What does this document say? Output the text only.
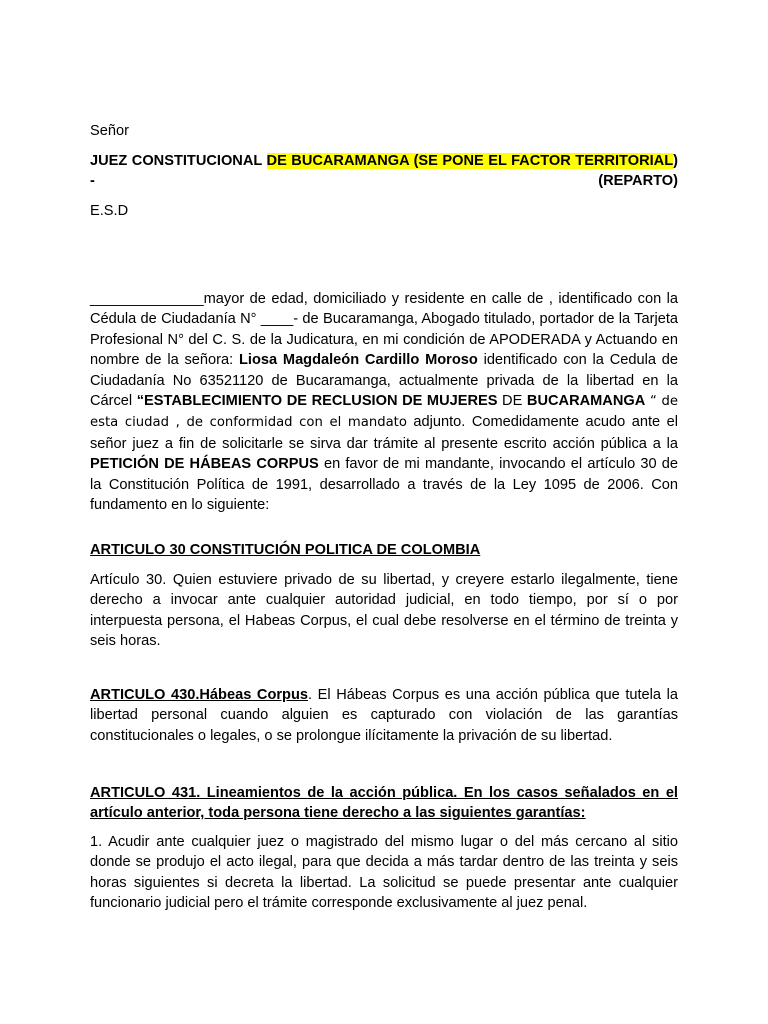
Señor

JUEZ CONSTITUCIONAL DE BUCARAMANGA (SE PONE EL FACTOR TERRITORIAL) - (REPARTO)

E.S.D

______________mayor de edad, domiciliado y residente en calle de , identificado con la Cédula de Ciudadanía N° ____- de Bucaramanga, Abogado titulado, portador de la Tarjeta Profesional N° del C. S. de la Judicatura, en mi condición de APODERADA y Actuando en nombre de la señora: Liosa Magdaleón Cardillo Moroso identificado con la Cedula de Ciudadanía No 63521120 de Bucaramanga, actualmente privada de la libertad en la Cárcel “ESTABLECIMIENTO DE RECLUSION DE MUJERES DE BUCARAMANGA “ de esta ciudad , de conformidad con el mandato adjunto. Comedidamente acudo ante el señor juez a fin de solicitarle se sirva dar trámite al presente escrito acción pública a la PETICIÓN DE HÁBEAS CORPUS en favor de mi mandante, invocando el artículo 30 de la Constitución Política de 1991, desarrollado a través de la Ley 1095 de 2006. Con fundamento en lo siguiente:

ARTICULO 30 CONSTITUCIÓN POLITICA DE COLOMBIA

Artículo 30. Quien estuviere privado de su libertad, y creyere estarlo ilegalmente, tiene derecho a invocar ante cualquier autoridad judicial, en todo tiempo, por sí o por interpuesta persona, el Habeas Corpus, el cual debe resolverse en el término de treinta y seis horas.

ARTICULO 430.Hábeas Corpus. El Hábeas Corpus es una acción pública que tutela la libertad personal cuando alguien es capturado con violación de las garantías constitucionales o legales, o se prolongue ilícitamente la privación de su libertad.

ARTICULO 431. Lineamientos de la acción pública. En los casos señalados en el artículo anterior, toda persona tiene derecho a las siguientes garantías:

1. Acudir ante cualquier juez o magistrado del mismo lugar o del más cercano al sitio donde se produjo el acto ilegal, para que decida a más tardar dentro de las treinta y seis horas siguientes si decreta la libertad. La solicitud se puede presentar ante cualquier funcionario judicial pero el trámite corresponde exclusivamente al juez penal.
